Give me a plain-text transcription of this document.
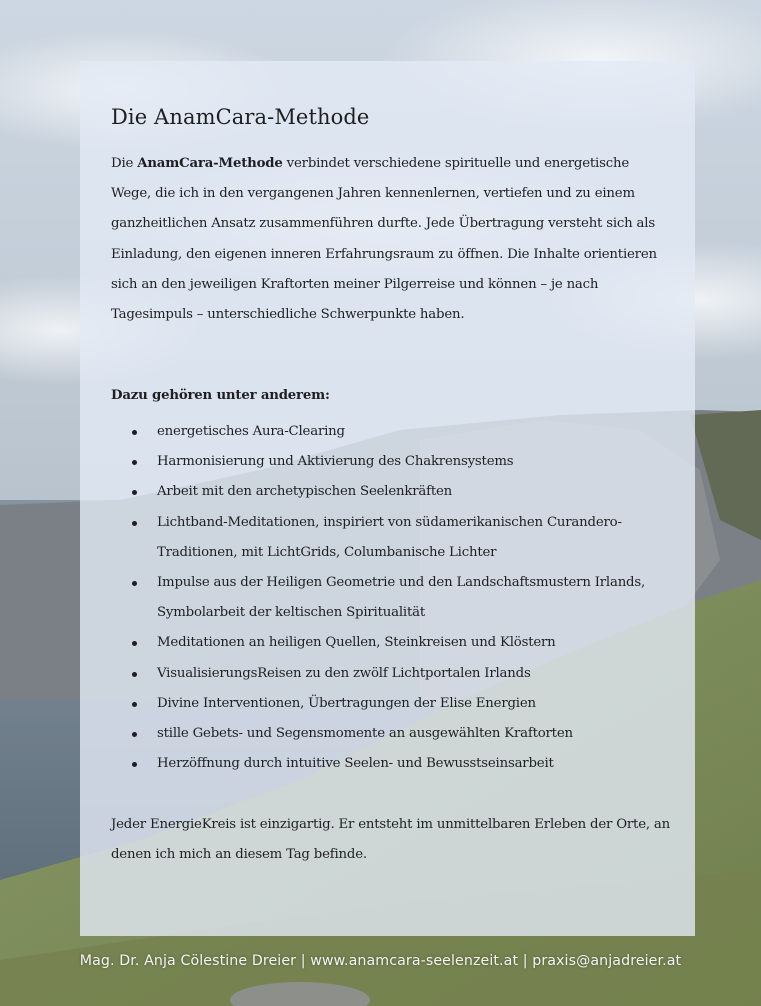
Die AnamCara-Methode

Die AnamCara-Methode verbindet verschiedene spirituelle und energetische Wege, die ich in den vergangenen Jahren kennenlernen, vertiefen und zu einem ganzheitlichen Ansatz zusammenführen durfte. Jede Übertragung versteht sich als Einladung, den eigenen inneren Erfahrungsraum zu öffnen. Die Inhalte orientieren sich an den jeweiligen Kraftorten meiner Pilgerreise und können – je nach Tagesimpuls – unterschiedliche Schwerpunkte haben.

Dazu gehören unter anderem:

energetisches Aura-Clearing
Harmonisierung und Aktivierung des Chakrensystems
Arbeit mit den archetypischen Seelenkräften
Lichtband-Meditationen, inspiriert von südamerikanischen Curandero-Traditionen, mit LichtGrids, Columbanische Lichter
Impulse aus der Heiligen Geometrie und den Landschaftsmustern Irlands, Symbolarbeit der keltischen Spiritualität
Meditationen an heiligen Quellen, Steinkreisen und Klöstern
VisualisierungsReisen zu den zwölf Lichtportalen Irlands
Divine Interventionen, Übertragungen der Elise Energien
stille Gebets- und Segensmomente an ausgewählten Kraftorten
Herzöffnung durch intuitive Seelen- und Bewusstseinsarbeit

Jeder EnergieKreis ist einzigartig. Er entsteht im unmittelbaren Erleben der Orte, an denen ich mich an diesem Tag befinde.

Mag. Dr. Anja Cölestine Dreier | www.anamcara-seelenzeit.at | praxis@anjadreier.at
